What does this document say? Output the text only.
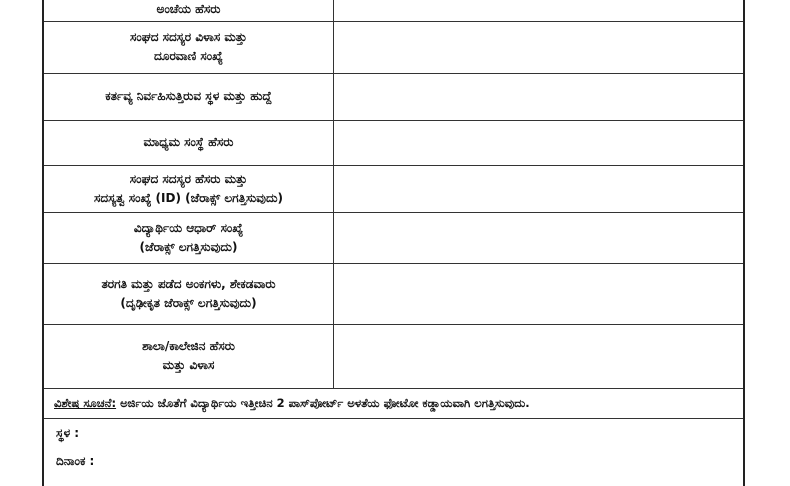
ಅಂಚೆಯ ಹೆಸರು	

ಸಂಘದ ಸದಸ್ಯರ ವಿಳಾಸ ಮತ್ತು
ದೂರವಾಣಿ ಸಂಖ್ಯೆ	

ಕರ್ತವ್ಯ ನಿರ್ವಹಿಸುತ್ತಿರುವ ಸ್ಥಳ ಮತ್ತು ಹುದ್ದೆ	

ಮಾಧ್ಯಮ ಸಂಸ್ಥೆ ಹೆಸರು	

ಸಂಘದ ಸದಸ್ಯರ ಹೆಸರು ಮತ್ತು
ಸದಸ್ಯತ್ವ ಸಂಖ್ಯೆ (ID) (ಜೆರಾಕ್ಸ್ ಲಗತ್ತಿಸುವುದು)	

ವಿದ್ಯಾರ್ಥಿಯ ಆಧಾರ್ ಸಂಖ್ಯೆ
(ಜೆರಾಕ್ಸ್ ಲಗತ್ತಿಸುವುದು)	

ತರಗತಿ ಮತ್ತು ಪಡೆದ ಅಂಕಗಳು, ಶೇಕಡವಾರು
(ದೃಢೀಕೃತ ಜೆರಾಕ್ಸ್ ಲಗತ್ತಿಸುವುದು)	

ಶಾಲಾ/ಕಾಲೇಜಿನ ಹೆಸರು
ಮತ್ತು ವಿಳಾಸ	

ವಿಶೇಷ ಸೂಚನೆ: ಅರ್ಜಿಯ ಜೊತೆಗೆ ವಿದ್ಯಾರ್ಥಿಯ ಇತ್ತೀಚಿನ 2 ಪಾಸ್‌ಪೋರ್ಟ್ ಅಳತೆಯ ಫೋಟೋ ಕಡ್ಡಾಯವಾಗಿ ಲಗತ್ತಿಸುವುದು.
ಸ್ಥಳ :
ದಿನಾಂಕ :
